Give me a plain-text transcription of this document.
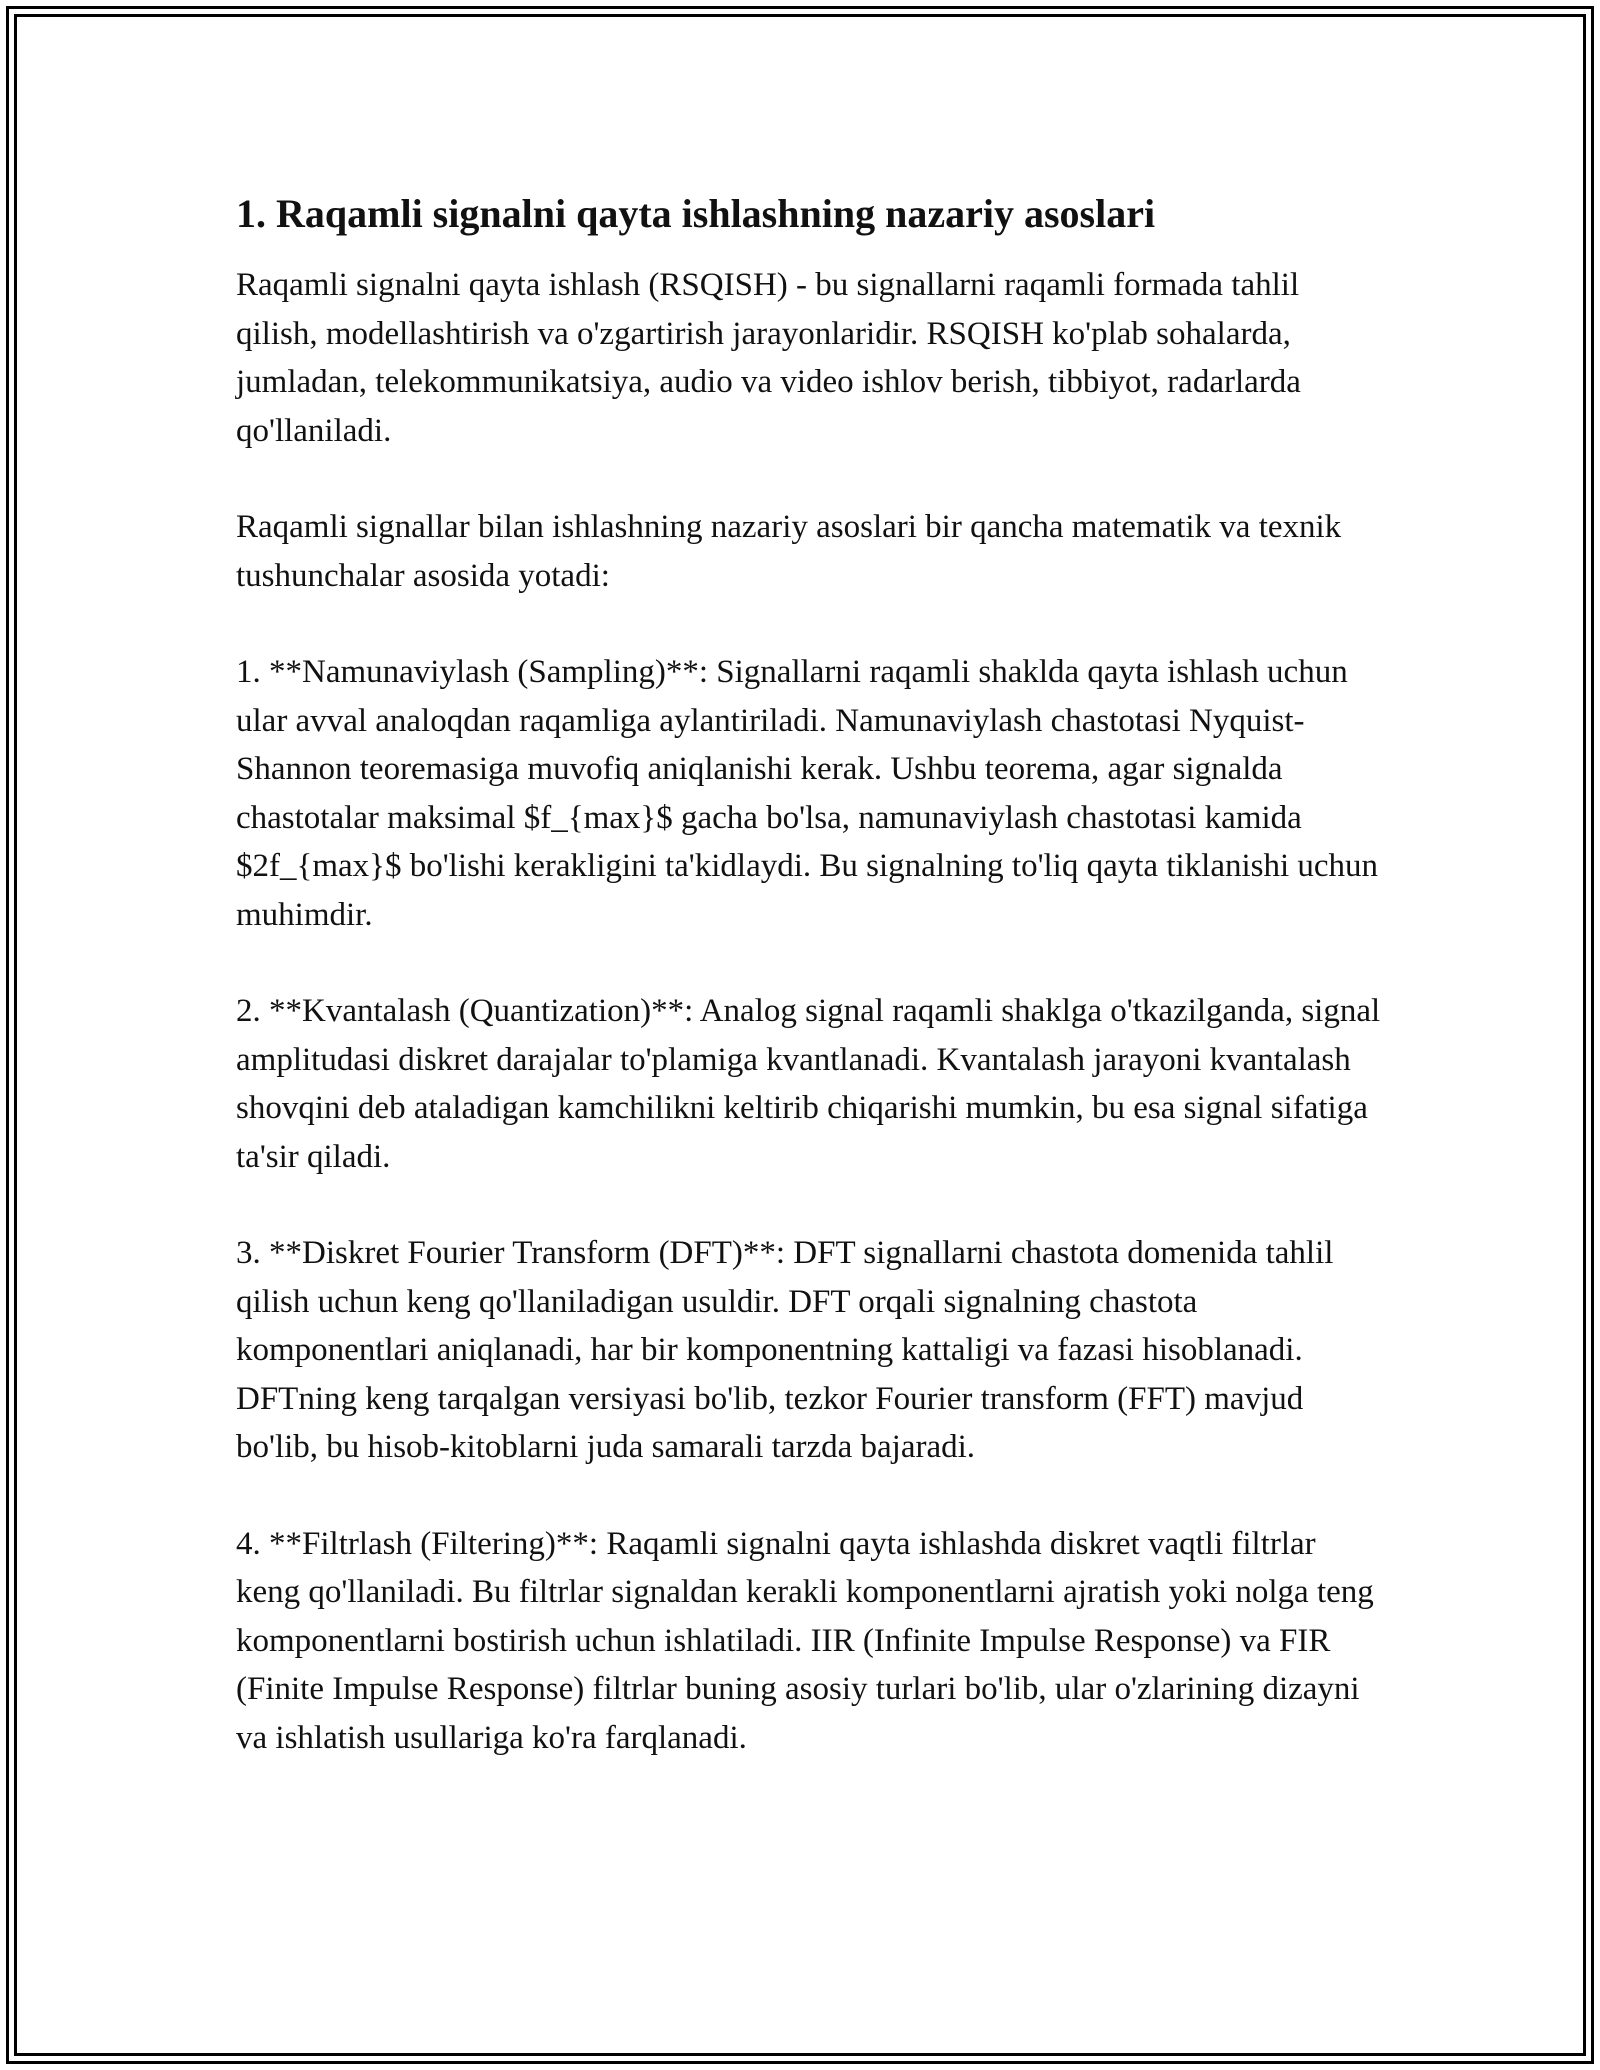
1. Raqamli signalni qayta ishlashning nazariy asoslari

Raqamli signalni qayta ishlash (RSQISH) - bu signallarni raqamli formada tahlil qilish, modellashtirish va o'zgartirish jarayonlaridir. RSQISH ko'plab sohalarda, jumladan, telekommunikatsiya, audio va video ishlov berish, tibbiyot, radarlarda qo'llaniladi.

Raqamli signallar bilan ishlashning nazariy asoslari bir qancha matematik va texnik tushunchalar asosida yotadi:

1. **Namunaviylash (Sampling)**: Signallarni raqamli shaklda qayta ishlash uchun ular avval analoqdan raqamliga aylantiriladi. Namunaviylash chastotasi Nyquist-Shannon teoremasiga muvofiq aniqlanishi kerak. Ushbu teorema, agar signalda chastotalar maksimal $f_{max}$ gacha bo'lsa, namunaviylash chastotasi kamida $2f_{max}$ bo'lishi kerakligini ta'kidlaydi. Bu signalning to'liq qayta tiklanishi uchun muhimdir.

2. **Kvantalash (Quantization)**: Analog signal raqamli shaklga o'tkazilganda, signal amplitudasi diskret darajalar to'plamiga kvantlanadi. Kvantalash jarayoni kvantalash shovqini deb ataladigan kamchilikni keltirib chiqarishi mumkin, bu esa signal sifatiga ta'sir qiladi.

3. **Diskret Fourier Transform (DFT)**: DFT signallarni chastota domenida tahlil qilish uchun keng qo'llaniladigan usuldir. DFT orqali signalning chastota komponentlari aniqlanadi, har bir komponentning kattaligi va fazasi hisoblanadi. DFTning keng tarqalgan versiyasi bo'lib, tezkor Fourier transform (FFT) mavjud bo'lib, bu hisob-kitoblarni juda samarali tarzda bajaradi.

4. **Filtrlash (Filtering)**: Raqamli signalni qayta ishlashda diskret vaqtli filtrlar keng qo'llaniladi. Bu filtrlar signaldan kerakli komponentlarni ajratish yoki nolga teng komponentlarni bostirish uchun ishlatiladi. IIR (Infinite Impulse Response) va FIR (Finite Impulse Response) filtrlar buning asosiy turlari bo'lib, ular o'zlarining dizayni va ishlatish usullariga ko'ra farqlanadi.
